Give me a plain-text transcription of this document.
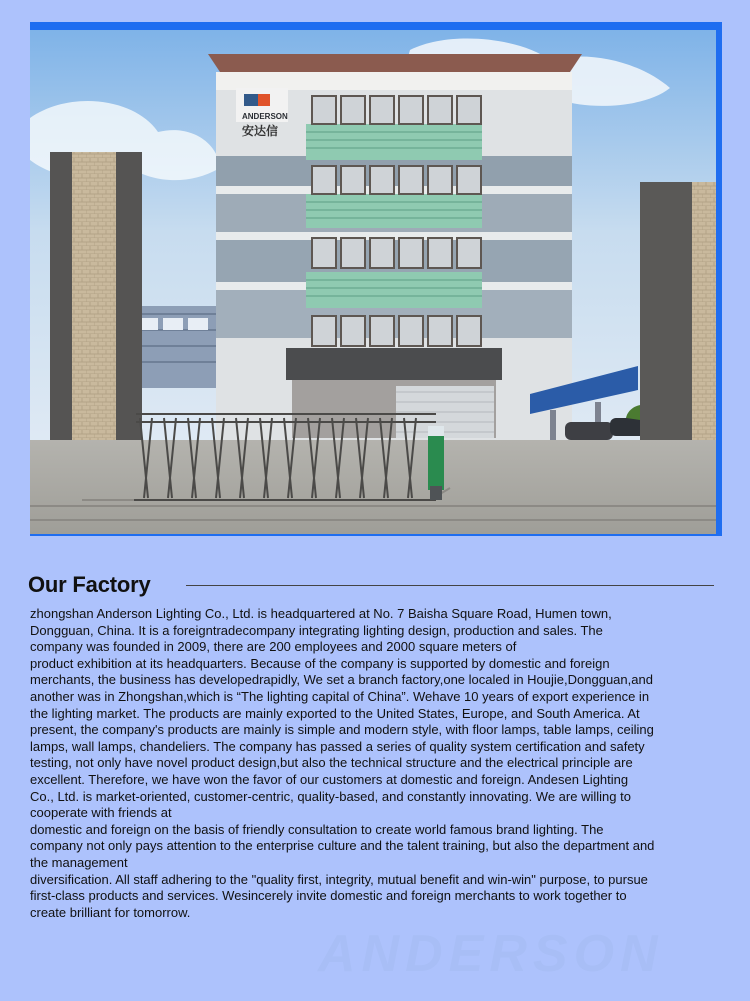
ANDERSON
安达信
Our Factory

zhongshan Anderson Lighting Co., Ltd. is headquartered at No. 7 Baisha Square Road, Humen town,
Dongguan, China. It is a foreigntradecompany integrating lighting design, production and sales. The
company was founded in 2009, there are 200 employees and 2000 square meters of
product exhibition at its headquarters. Because of the company is supported by domestic and foreign
merchants, the business has developedrapidly, We set a branch factory,one localed in Houjie,Dongguan,and
another was in Zhongshan,which is “The lighting capital of China”. Wehave 10 years of export experience in
the lighting market. The products are mainly exported to the United States, Europe, and South America. At
present, the company's products are mainly is simple and modern style, with floor lamps, table lamps, ceiling
lamps, wall lamps, chandeliers. The company has passed a series of quality system certification and safety
testing, not only have novel product design,but also the technical structure and the electrical principle are
excellent. Therefore, we have won the favor of our customers at domestic and foreign. Andesen Lighting
Co., Ltd. is market-oriented, customer-centric, quality-based, and constantly innovating. We are willing to
cooperate with friends at
domestic and foreign on the basis of friendly consultation to create world famous brand lighting. The
company not only pays attention to the enterprise culture and the talent training, but also the department and
the management
diversification. All staff adhering to the "quality first, integrity, mutual benefit and win-win" purpose, to pursue
first-class products and services. Wesincerely invite domestic and foreign merchants to work together to
create brilliant for tomorrow.

ANDERSON
